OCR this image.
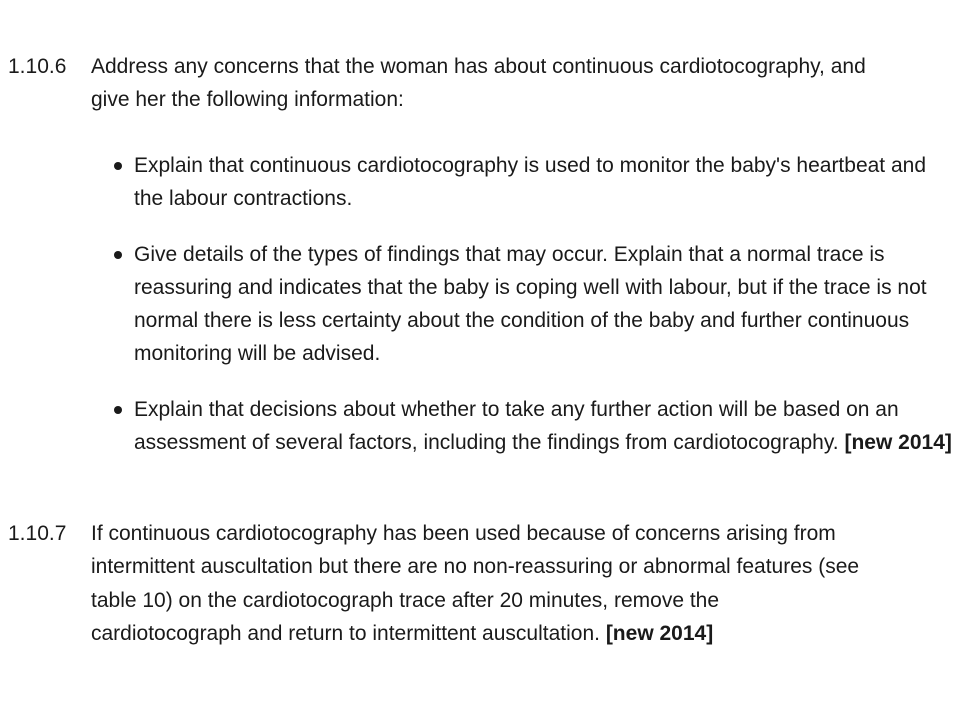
1.10.6 Address any concerns that the woman has about continuous cardiotocography, and give her the following information:
Explain that continuous cardiotocography is used to monitor the baby's heartbeat and the labour contractions.
Give details of the types of findings that may occur. Explain that a normal trace is reassuring and indicates that the baby is coping well with labour, but if the trace is not normal there is less certainty about the condition of the baby and further continuous monitoring will be advised.
Explain that decisions about whether to take any further action will be based on an assessment of several factors, including the findings from cardiotocography. [new 2014]
1.10.7 If continuous cardiotocography has been used because of concerns arising from intermittent auscultation but there are no non-reassuring or abnormal features (see table 10) on the cardiotocograph trace after 20 minutes, remove the cardiotocograph and return to intermittent auscultation. [new 2014]
